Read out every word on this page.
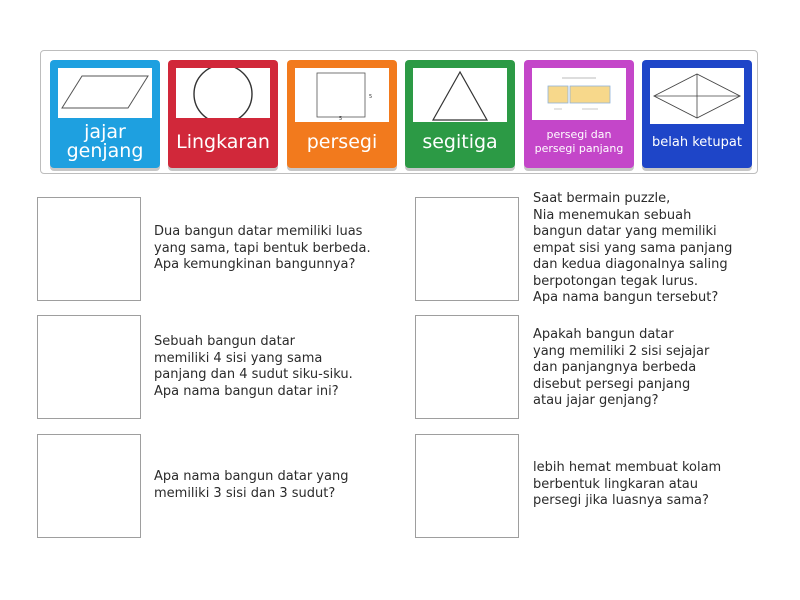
jajar
genjang	Lingkaran
5
5
persegi	segitiga	persegi dan
persegi panjang	belah ketupat
Dua bangun datar memiliki luas
yang sama, tapi bentuk berbeda.
Apa kemungkinan bangunnya?
Saat bermain puzzle,
Nia menemukan sebuah
bangun datar yang memiliki
empat sisi yang sama panjang
dan kedua diagonalnya saling
berpotongan tegak lurus.
Apa nama bangun tersebut?
Sebuah bangun datar
memiliki 4 sisi yang sama
panjang dan 4 sudut siku-siku.
Apa nama bangun datar ini?
Apakah bangun datar
yang memiliki 2 sisi sejajar
dan panjangnya berbeda
disebut persegi panjang
atau jajar genjang?
Apa nama bangun datar yang
memiliki 3 sisi dan 3 sudut?
lebih hemat membuat kolam
berbentuk lingkaran atau
persegi jika luasnya sama?
